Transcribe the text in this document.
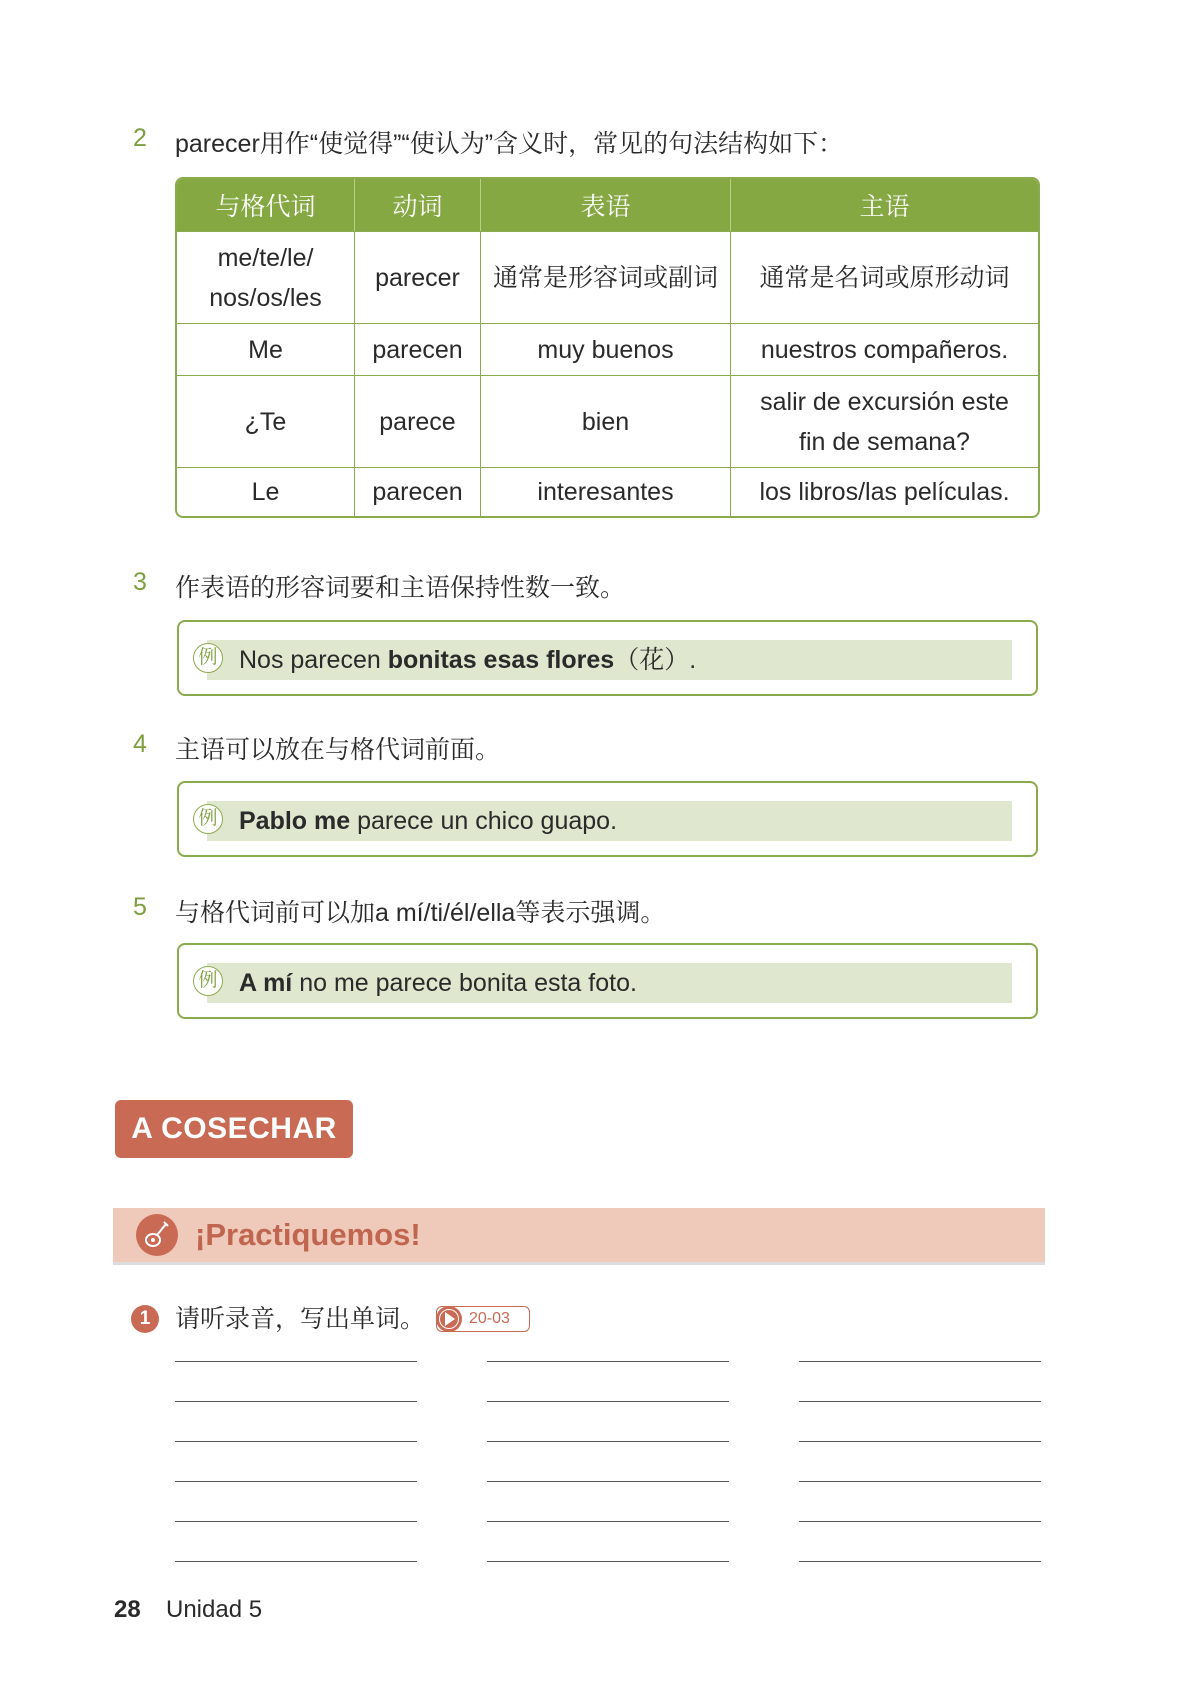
2 parecer用作“使觉得”“使认为”含义时，常见的句法结构如下：
与格代词	动词	表语	主语
me/te/le/
nos/os/les	parecer	通常是形容词或副词	通常是名词或原形动词
Me	parecen	muy buenos	nuestros compañeros.
¿Te	parece	bien	salir de excursión este
fin de semana?
Le	parecen	interesantes	los libros/las películas.
3 作表语的形容词要和主语保持性数一致。
例 Nos parecen bonitas esas flores（花）.
4 主语可以放在与格代词前面。
例 Pablo me parece un chico guapo.
5 与格代词前可以加a mí/ti/él/ella等表示强调。
例 A mí no me parece bonita esta foto.
A COSECHAR
¡Practiquemos!
1 请听录音，写出单词。	20-03
28 Unidad 5
